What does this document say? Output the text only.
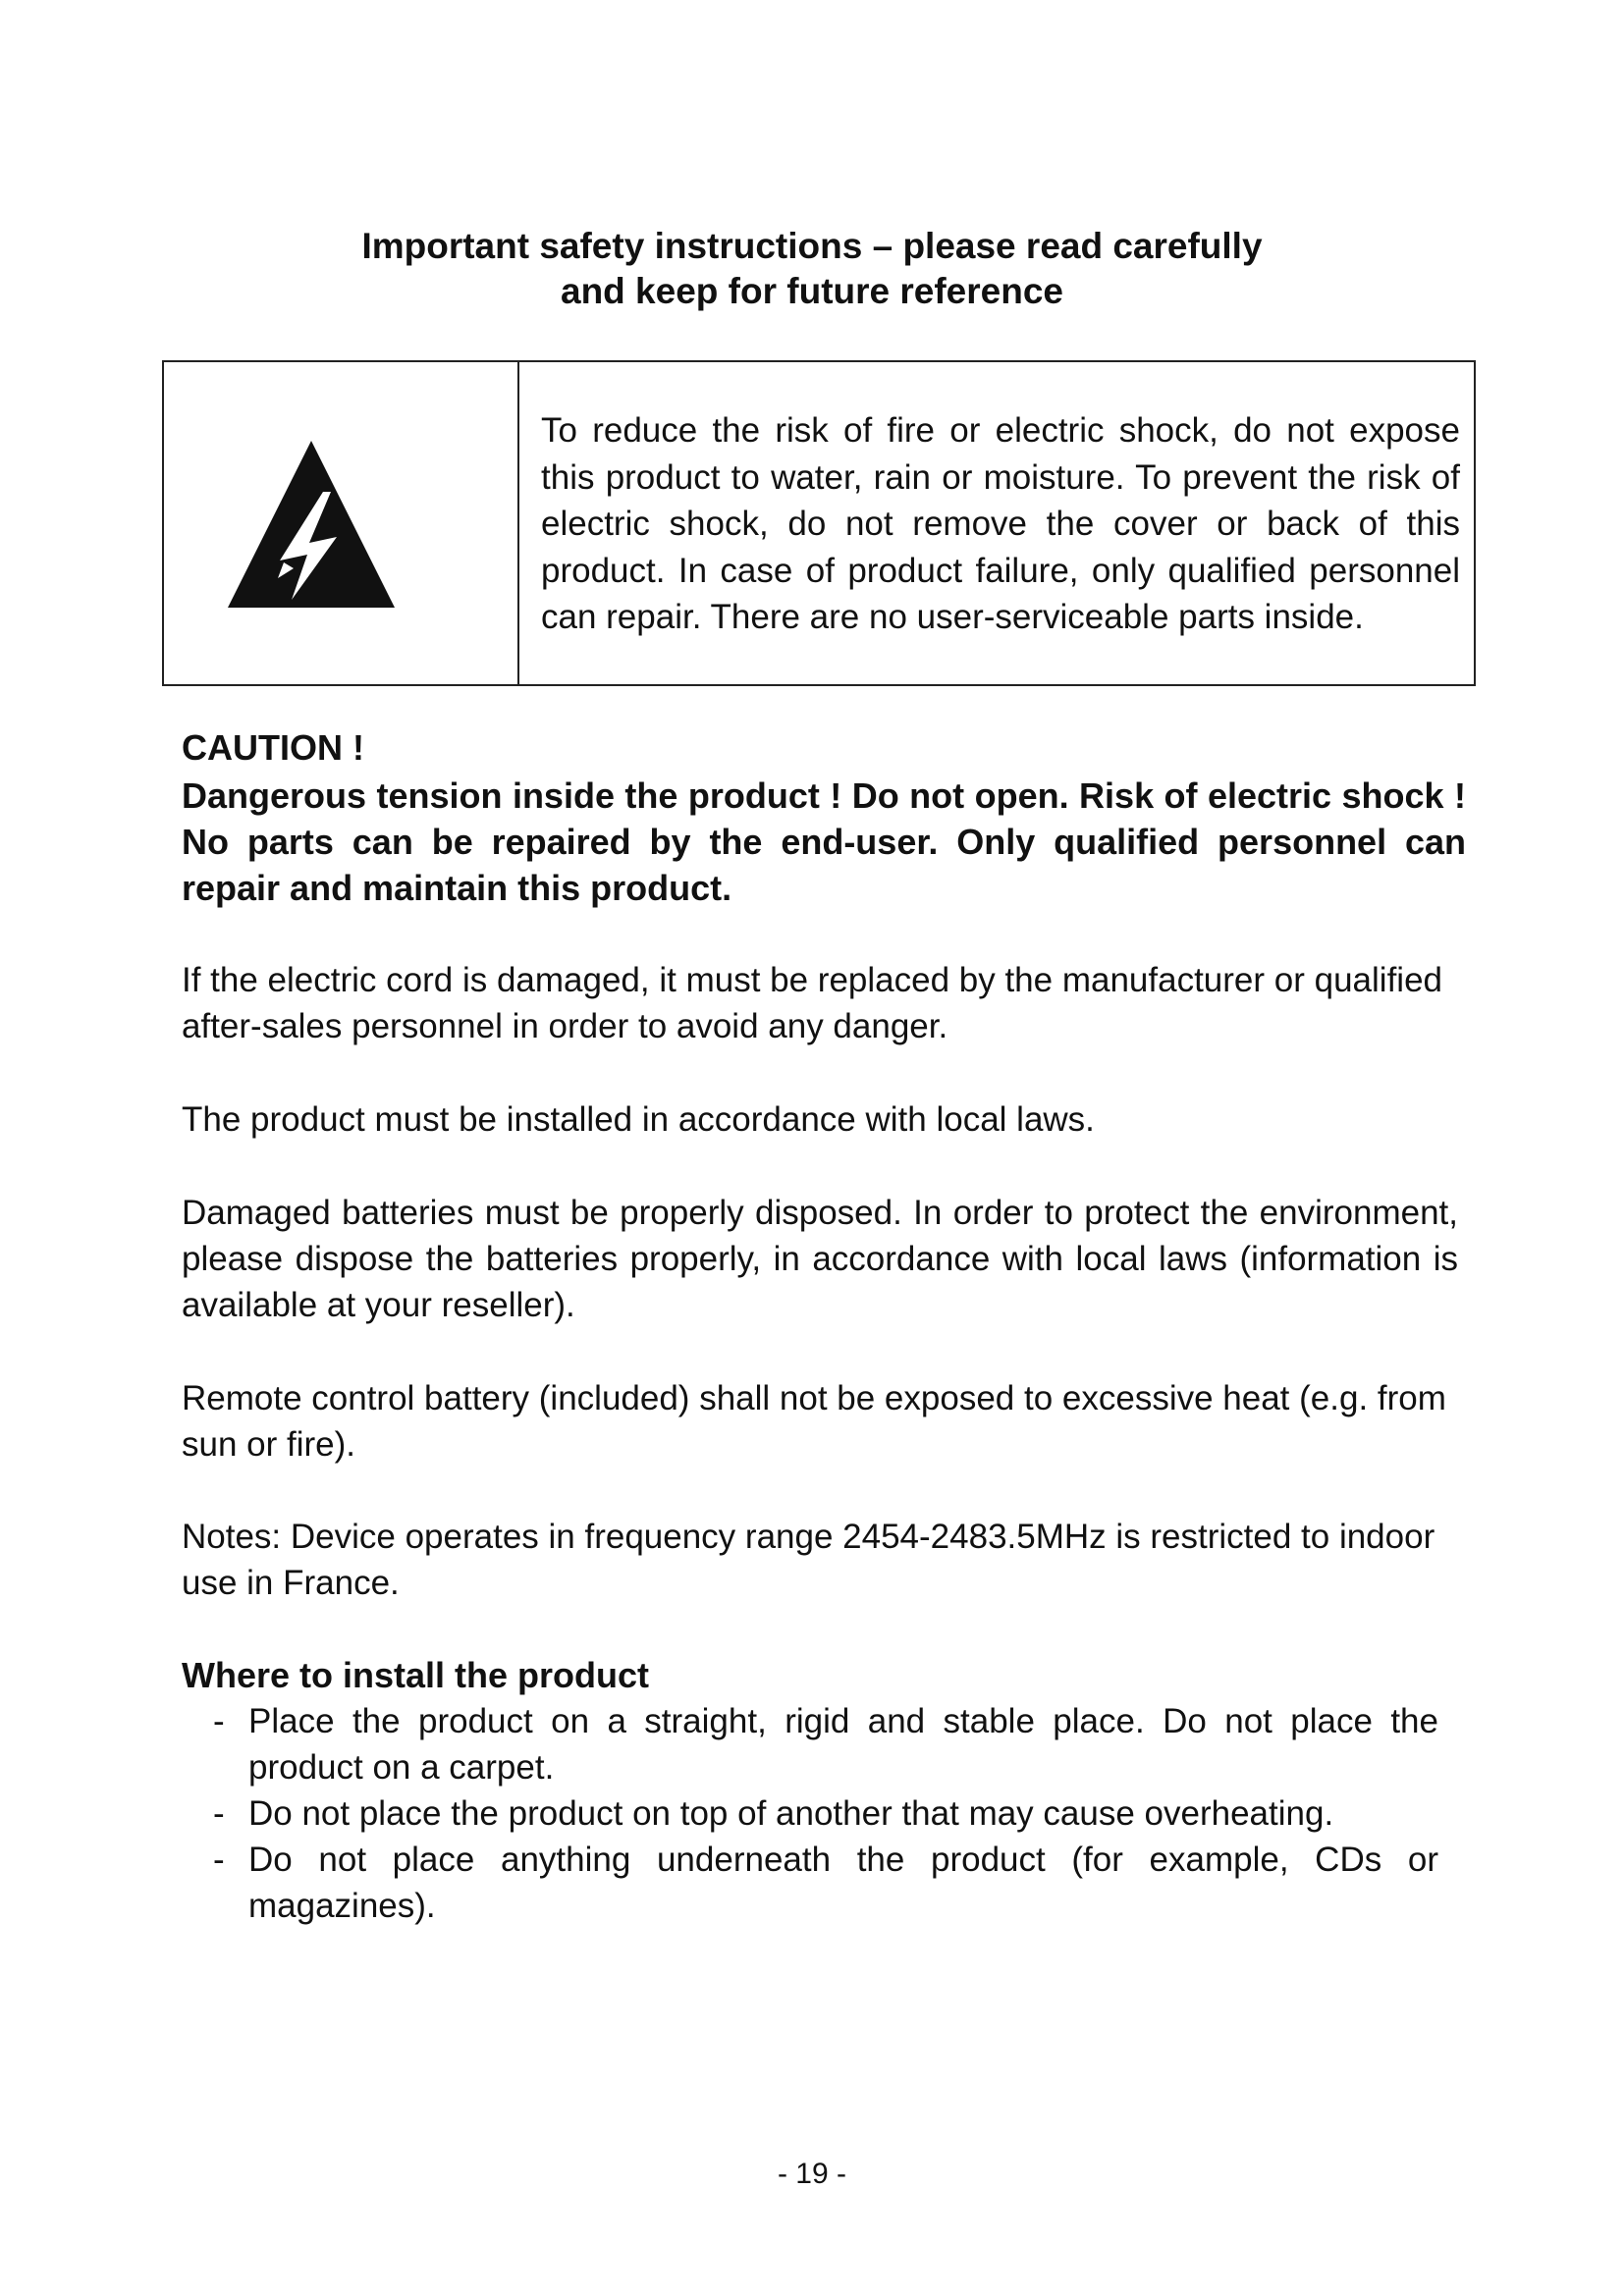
Important safety instructions – please read carefully
and keep for future reference
To reduce the risk of fire or electric shock, do not expose this product to water, rain or moisture. To prevent the risk of electric shock, do not remove the cover or back of this product. In case of product failure, only qualified personnel can repair. There are no user-serviceable parts inside.
CAUTION !
Dangerous tension inside the product ! Do not open. Risk of electric shock ! No parts can be repaired by the end-user. Only qualified personnel can repair and maintain this product.
If the electric cord is damaged, it must be replaced by the manufacturer or qualified after-sales personnel in order to avoid any danger.
The product must be installed in accordance with local laws.
Damaged batteries must be properly disposed. In order to protect the environment, please dispose the batteries properly, in accordance with local laws (information is available at your reseller).
Remote control battery (included) shall not be exposed to excessive heat (e.g. from sun or fire).
Notes: Device operates in frequency range 2454-2483.5MHz is restricted to indoor use in France.
Where to install the product
- Place the product on a straight, rigid and stable place. Do not place the product on a carpet.
- Do not place the product on top of another that may cause overheating.
- Do not place anything underneath the product (for example, CDs or magazines).
- 19 -
